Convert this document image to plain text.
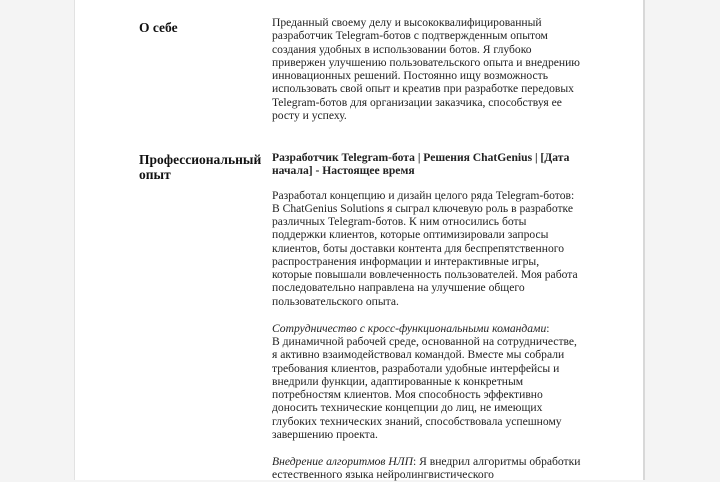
О себе	Преданный своему делу и высококвалифицированный разработчик Telegram-ботов с подтвержденным опытом создания удобных в использовании ботов. Я глубоко привержен улучшению пользовательского опыта и внедрению инновационных решений. Постоянно ищу возможность использовать свой опыт и креатив при разработке передовых Telegram-ботов для организации заказчика, способствуя ее росту и успеху.

Профессиональный опыт

Разработчик Telegram-бота | Решения ChatGenius | [Дата начала] - Настоящее время

Разработал концепцию и дизайн целого ряда Telegram-ботов: В ChatGenius Solutions я сыграл ключевую роль в разработке различных Telegram-ботов. К ним относились боты поддержки клиентов, которые оптимизировали запросы клиентов, боты доставки контента для беспрепятственного распространения информации и интерактивные игры, которые повышали вовлеченность пользователей. Моя работа последовательно направлена на улучшение общего пользовательского опыта.

Сотрудничество с кросс-функциональными командами:
В динамичной рабочей среде, основанной на сотрудничестве, я активно взаимодействовал командой. Вместе мы собрали требования клиентов, разработали удобные интерфейсы и внедрили функции, адаптированные к конкретным потребностям клиентов. Моя способность эффективно доносить технические концепции до лиц, не имеющих глубоких технических знаний, способствовала успешному завершению проекта.

Внедрение алгоритмов НЛП: Я внедрил алгоритмы обработки естественного языка нейролингвистического
